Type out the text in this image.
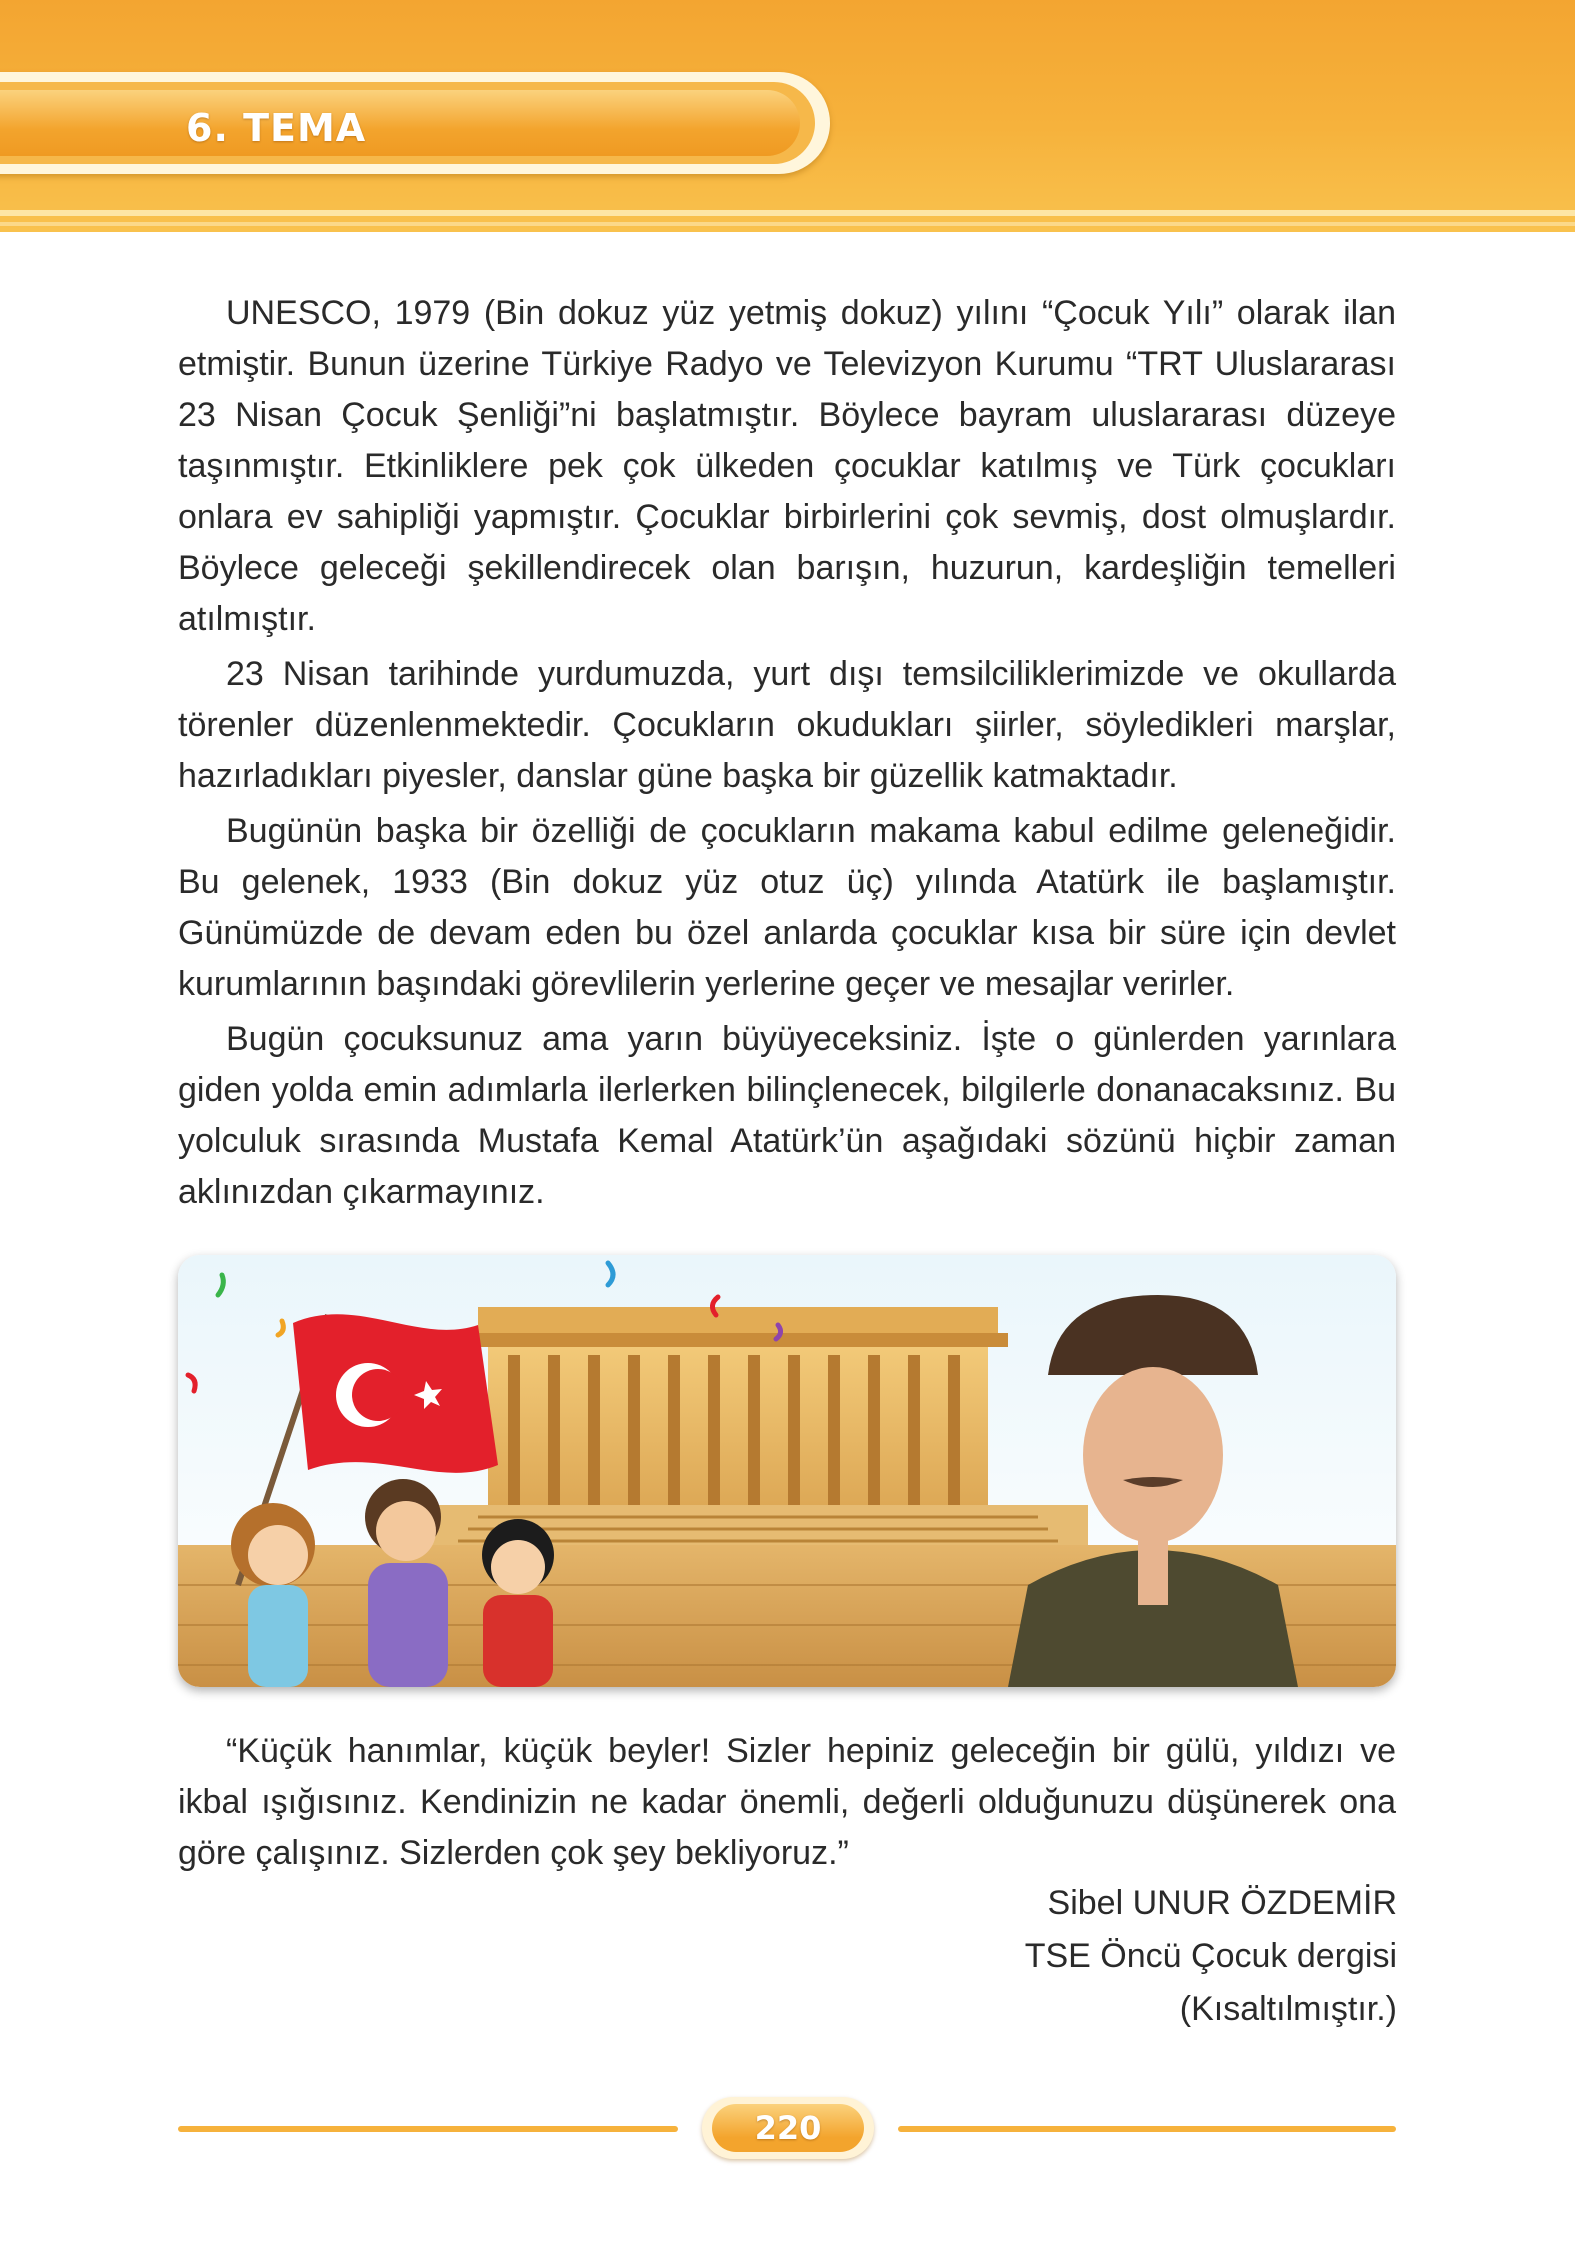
6. TEMA

UNESCO, 1979 (Bin dokuz yüz yetmiş dokuz) yılını “Çocuk Yılı” olarak ilan etmiştir. Bunun üzerine Türkiye Radyo ve Televizyon Kurumu “TRT Uluslararası 23 Nisan Çocuk Şenliği”ni başlatmıştır. Böylece bayram uluslararası düzeye taşınmıştır. Etkinliklere pek çok ülkeden çocuklar katılmış ve Türk çocukları onlara ev sahipliği yapmıştır. Çocuklar birbirlerini çok sevmiş, dost olmuşlardır. Böylece geleceği şekillendirecek olan barışın, huzurun, kardeşliğin temelleri atılmıştır.

23 Nisan tarihinde yurdumuzda, yurt dışı temsilciliklerimizde ve okullarda törenler düzenlenmektedir. Çocukların okudukları şiirler, söyledikleri marşlar, hazırladıkları piyesler, danslar güne başka bir güzellik katmaktadır.

Bugünün başka bir özelliği de çocukların makama kabul edilme geleneğidir. Bu gelenek, 1933 (Bin dokuz yüz otuz üç) yılında Atatürk ile başlamıştır. Günümüzde de devam eden bu özel anlarda çocuklar kısa bir süre için devlet kurumlarının başındaki görevlilerin yerlerine geçer ve mesajlar verirler.

Bugün çocuksunuz ama yarın büyüyeceksiniz. İşte o günlerden yarınlara giden yolda emin adımlarla ilerlerken bilinçlenecek, bilgilerle donanacaksınız. Bu yolculuk sırasında Mustafa Kemal Atatürk’ün aşağıdaki sözünü hiçbir zaman aklınızdan çıkarmayınız.

“Küçük hanımlar, küçük beyler! Sizler hepiniz geleceğin bir gülü, yıldızı ve ikbal ışığısınız. Kendinizin ne kadar önemli, değerli olduğunuzu düşünerek ona göre çalışınız. Sizlerden çok şey bekliyoruz.”

Sibel UNUR ÖZDEMİR
TSE Öncü Çocuk dergisi
(Kısaltılmıştır.)
220
